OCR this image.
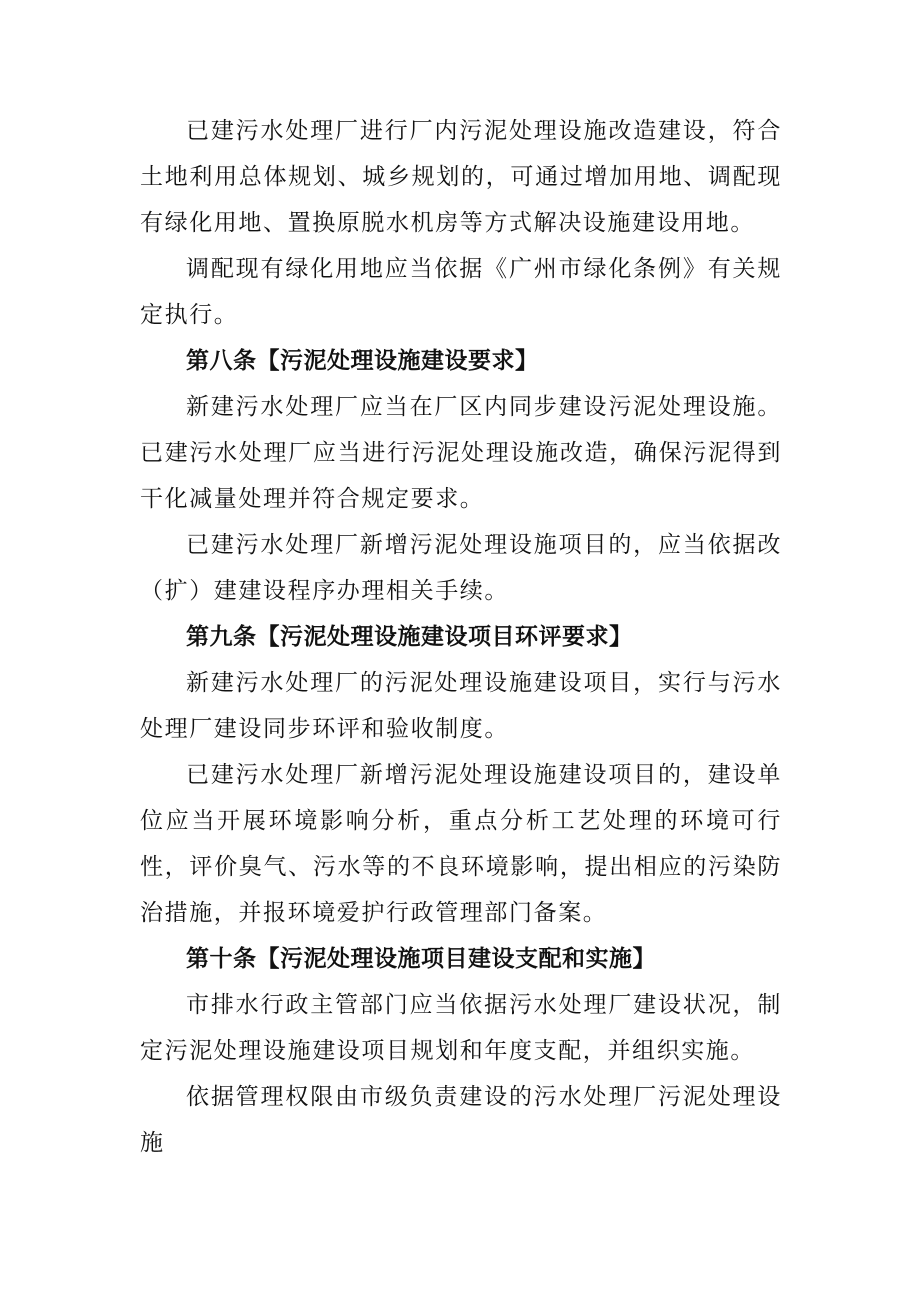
已建污水处理厂进行厂内污泥处理设施改造建设，符合土地利用总体规划、城乡规划的，可通过增加用地、调配现有绿化用地、置换原脱水机房等方式解决设施建设用地。

调配现有绿化用地应当依据《广州市绿化条例》有关规定执行。

第八条【污泥处理设施建设要求】

新建污水处理厂应当在厂区内同步建设污泥处理设施。已建污水处理厂应当进行污泥处理设施改造，确保污泥得到干化减量处理并符合规定要求。

已建污水处理厂新增污泥处理设施项目的，应当依据改（扩）建建设程序办理相关手续。

第九条【污泥处理设施建设项目环评要求】

新建污水处理厂的污泥处理设施建设项目，实行与污水处理厂建设同步环评和验收制度。

已建污水处理厂新增污泥处理设施建设项目的，建设单位应当开展环境影响分析，重点分析工艺处理的环境可行性，评价臭气、污水等的不良环境影响，提出相应的污染防治措施，并报环境爱护行政管理部门备案。

第十条【污泥处理设施项目建设支配和实施】

市排水行政主管部门应当依据污水处理厂建设状况，制定污泥处理设施建设项目规划和年度支配，并组织实施。

依据管理权限由市级负责建设的污水处理厂污泥处理设施
